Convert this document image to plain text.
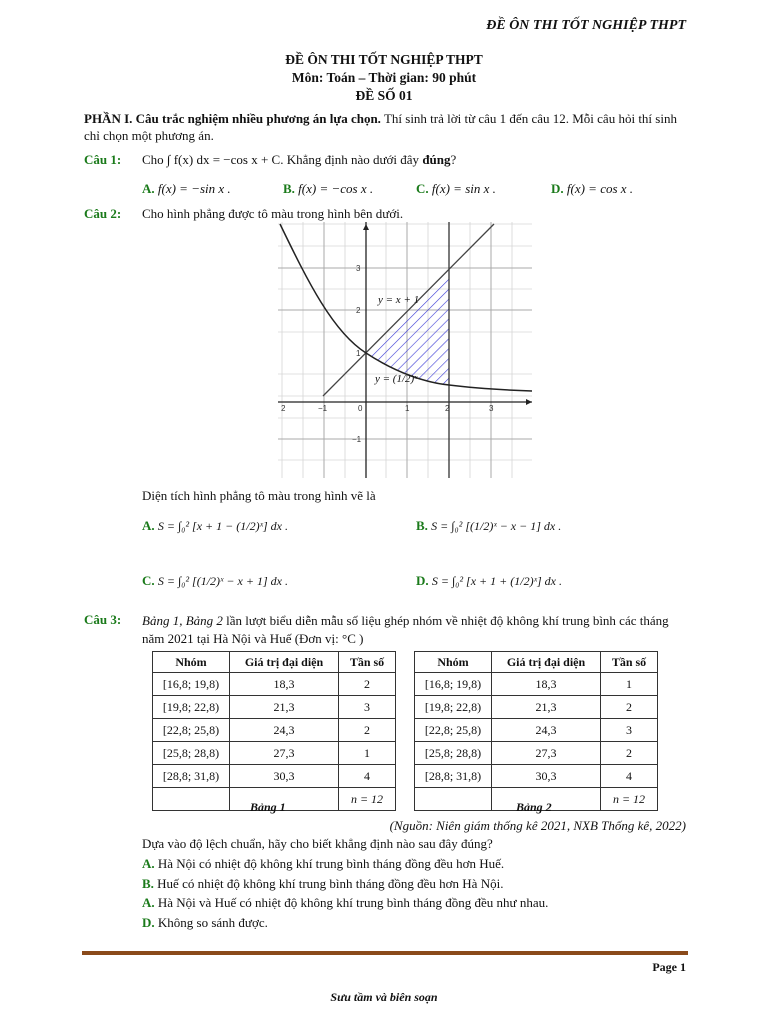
ĐỀ ÔN THI TỐT NGHIỆP THPT
ĐỀ ÔN THI TỐT NGHIỆP THPT
Môn: Toán – Thời gian: 90 phút
ĐỀ SỐ 01
PHẦN I. Câu trắc nghiệm nhiều phương án lựa chọn. Thí sinh trả lời từ câu 1 đến câu 12. Mỗi câu hỏi thí sinh chỉ chọn một phương án.
Câu 1: Cho ∫ f(x) dx = −cos x + C. Khẳng định nào dưới đây đúng?
A. f(x) = −sin x .	B. f(x) = −cos x .	C. f(x) = sin x .	D. f(x) = cos x .
Câu 2: Cho hình phẳng được tô màu trong hình bên dưới.
y = x + 1
y = (1/2)ˣ
2	−1	0	1	2	3
3
2
1
−1
Diện tích hình phẳng tô màu trong hình vẽ là
A. S = ∫₀² [x + 1 − (1/2)ˣ] dx .	B. S = ∫₀² [(1/2)ˣ − x − 1] dx .
C. S = ∫₀² [(1/2)ˣ − x + 1] dx .	D. S = ∫₀² [x + 1 + (1/2)ˣ] dx .
Câu 3: Bảng 1, Bảng 2 lần lượt biểu diễn mẫu số liệu ghép nhóm về nhiệt độ không khí trung bình các tháng năm 2021 tại Hà Nội và Huế (Đơn vị: °C )
Nhóm	Giá trị đại diện	Tần số
[16,8; 19,8)	18,3	2
[19,8; 22,8)	21,3	3
[22,8; 25,8)	24,3	2
[25,8; 28,8)	27,3	1
[28,8; 31,8)	30,3	4
		n = 12
Bảng 1
Nhóm	Giá trị đại diện	Tần số
[16,8; 19,8)	18,3	1
[19,8; 22,8)	21,3	2
[22,8; 25,8)	24,3	3
[25,8; 28,8)	27,3	2
[28,8; 31,8)	30,3	4
		n = 12
Bảng 2
(Nguồn: Niên giám thống kê 2021, NXB Thống kê, 2022)
Dựa vào độ lệch chuẩn, hãy cho biết khẳng định nào sau đây đúng?
A. Hà Nội có nhiệt độ không khí trung bình tháng đồng đều hơn Huế.
B. Huế có nhiệt độ không khí trung bình tháng đồng đều hơn Hà Nội.
A. Hà Nội và Huế có nhiệt độ không khí trung bình tháng đồng đều như nhau.
D. Không so sánh được.
Page 1
Sưu tầm và biên soạn
